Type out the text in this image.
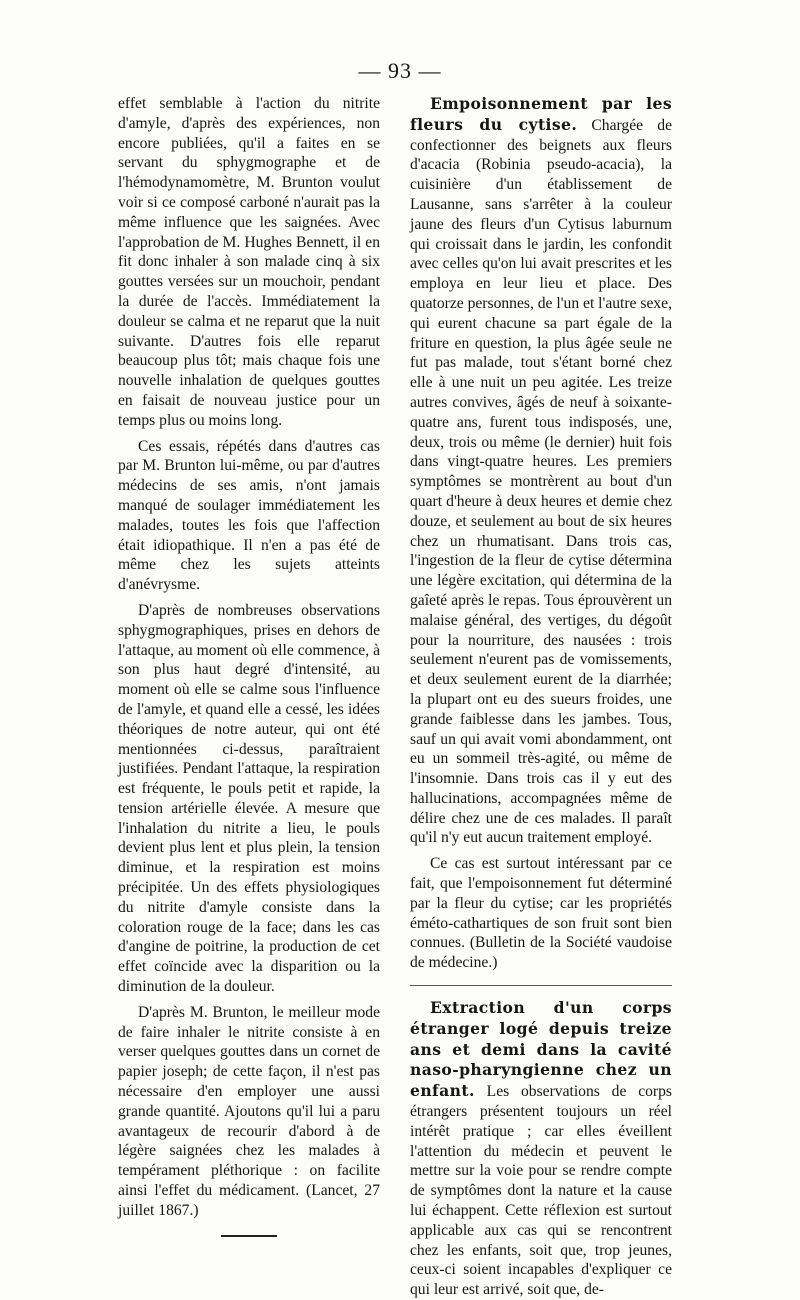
— 93 —

effet semblable à l'action du nitrite d'amyle, d'après des expériences, non encore publiées, qu'il a faites en se servant du sphygmographe et de l'hémodynamomètre, M. Brunton voulut voir si ce composé carboné n'aurait pas la même influence que les saignées. Avec l'approbation de M. Hughes Bennett, il en fit donc inhaler à son malade cinq à six gouttes versées sur un mouchoir, pendant la durée de l'accès. Immédiatement la douleur se calma et ne reparut que la nuit suivante. D'autres fois elle reparut beaucoup plus tôt; mais chaque fois une nouvelle inhalation de quelques gouttes en faisait de nouveau justice pour un temps plus ou moins long.

Ces essais, répétés dans d'autres cas par M. Brunton lui-même, ou par d'autres médecins de ses amis, n'ont jamais manqué de soulager immédiatement les malades, toutes les fois que l'affection était idiopathique. Il n'en a pas été de même chez les sujets atteints d'anévrysme.

D'après de nombreuses observations sphygmographiques, prises en dehors de l'attaque, au moment où elle commence, à son plus haut degré d'intensité, au moment où elle se calme sous l'influence de l'amyle, et quand elle a cessé, les idées théoriques de notre auteur, qui ont été mentionnées ci-dessus, paraîtraient justifiées. Pendant l'attaque, la respiration est fréquente, le pouls petit et rapide, la tension artérielle élevée. A mesure que l'inhalation du nitrite a lieu, le pouls devient plus lent et plus plein, la tension diminue, et la respiration est moins précipitée. Un des effets physiologiques du nitrite d'amyle consiste dans la coloration rouge de la face; dans les cas d'angine de poitrine, la production de cet effet coïncide avec la disparition ou la diminution de la douleur.

D'après M. Brunton, le meilleur mode de faire inhaler le nitrite consiste à en verser quelques gouttes dans un cornet de papier joseph; de cette façon, il n'est pas nécessaire d'en employer une aussi grande quantité. Ajoutons qu'il lui a paru avantageux de recourir d'abord à de légère saignées chez les malades à tempérament pléthorique : on facilite ainsi l'effet du médicament. (Lancet, 27 juillet 1867.)

Empoisonnement par les fleurs du cytise. Chargée de confectionner des beignets aux fleurs d'acacia (Robinia pseudo-acacia), la cuisinière d'un établissement de Lausanne, sans s'arrêter à la couleur jaune des fleurs d'un Cytisus laburnum qui croissait dans le jardin, les confondit avec celles qu'on lui avait prescrites et les employa en leur lieu et place. Des quatorze personnes, de l'un et l'autre sexe, qui eurent chacune sa part égale de la friture en question, la plus âgée seule ne fut pas malade, tout s'étant borné chez elle à une nuit un peu agitée. Les treize autres convives, âgés de neuf à soixante-quatre ans, furent tous indisposés, une, deux, trois ou même (le dernier) huit fois dans vingt-quatre heures. Les premiers symptômes se montrèrent au bout d'un quart d'heure à deux heures et demie chez douze, et seulement au bout de six heures chez un rhumatisant. Dans trois cas, l'ingestion de la fleur de cytise détermina une légère excitation, qui détermina de la gaîeté après le repas. Tous éprouvèrent un malaise général, des vertiges, du dégoût pour la nourriture, des nausées : trois seulement n'eurent pas de vomissements, et deux seulement eurent de la diarrhée; la plupart ont eu des sueurs froides, une grande faiblesse dans les jambes. Tous, sauf un qui avait vomi abondamment, ont eu un sommeil très-agité, ou même de l'insomnie. Dans trois cas il y eut des hallucinations, accompagnées même de délire chez une de ces malades. Il paraît qu'il n'y eut aucun traitement employé.

Ce cas est surtout intéressant par ce fait, que l'empoisonnement fut déterminé par la fleur du cytise; car les propriétés éméto-cathartiques de son fruit sont bien connues. (Bulletin de la Société vaudoise de médecine.)

Extraction d'un corps étranger logé depuis treize ans et demi dans la cavité naso-pharyngienne chez un enfant. Les observations de corps étrangers présentent toujours un réel intérêt pratique ; car elles éveillent l'attention du médecin et peuvent le mettre sur la voie pour se rendre compte de symptômes dont la nature et la cause lui échappent. Cette réflexion est surtout applicable aux cas qui se rencontrent chez les enfants, soit que, trop jeunes, ceux-ci soient incapables d'expliquer ce qui leur est arrivé, soit que, de-
